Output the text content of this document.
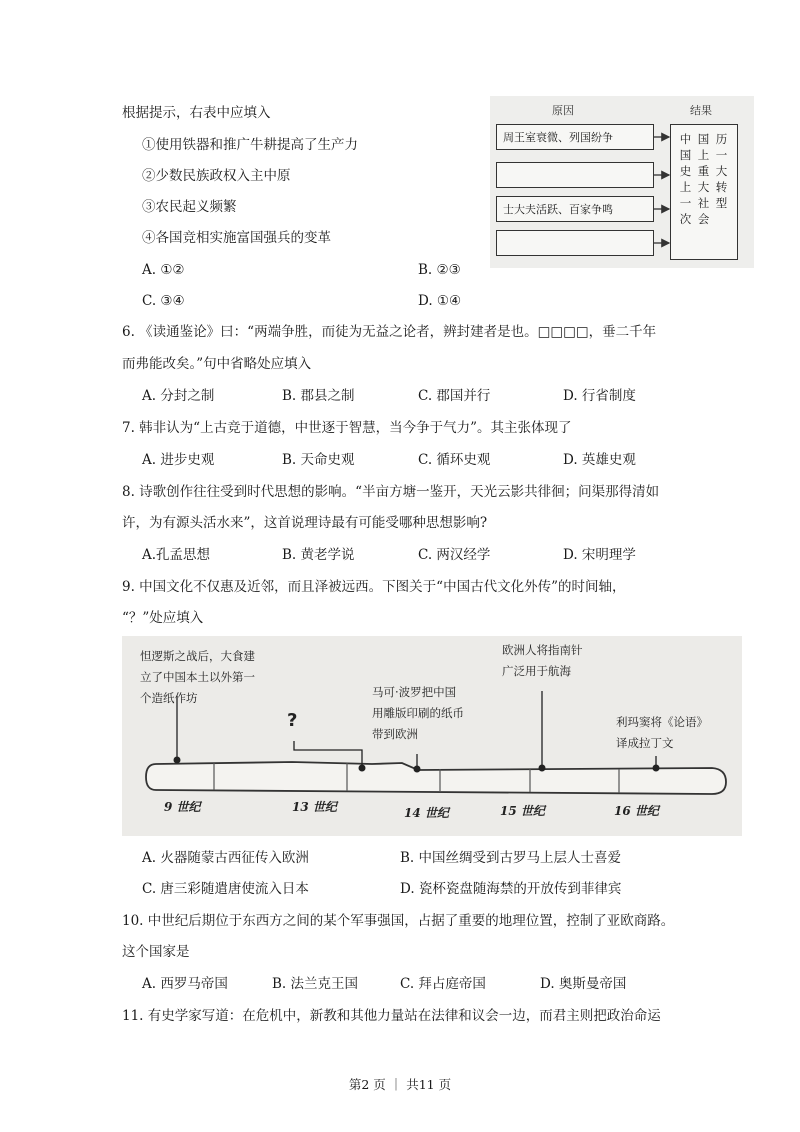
根据提示，右表中应填入
①使用铁器和推广牛耕提高了生产力
②少数民族政权入主中原
③农民起义频繁
④各国竞相实施富国强兵的变革
A. ①②	B. ②③
C. ③④	D. ①④
原因	结果
周王室衰微、列国纷争
士大夫活跃、百家争鸣
中国史上一次
国上重大社会
历一大转型
6. 《读通鉴论》曰：“两端争胜，而徒为无益之论者，辨封建者是也。□□□□，垂二千年
而弗能改矣。”句中省略处应填入
A. 分封之制	B. 郡县之制	C. 郡国并行	D. 行省制度
7. 韩非认为“上古竞于道德，中世逐于智慧，当今争于气力”。其主张体现了
A. 进步史观	B. 天命史观	C. 循环史观	D. 英雄史观
8. 诗歌创作往往受到时代思想的影响。“半亩方塘一鉴开，天光云影共徘徊；问渠那得清如
许，为有源头活水来”，这首说理诗最有可能受哪种思想影响?
A.孔孟思想	B. 黄老学说	C. 两汉经学	D. 宋明理学
9. 中国文化不仅惠及近邻，而且泽被远西。下图关于“中国古代文化外传”的时间轴，
“？”处应填入
怛逻斯之战后，大食建
立了中国本土以外第一
个造纸作坊
?
马可·波罗把中国
用雕版印刷的纸币
带到欧洲
欧洲人将指南针
广泛用于航海
利玛窦将《论语》
译成拉丁文
9 世纪	13 世纪	14 世纪	15 世纪	16 世纪
A. 火器随蒙古西征传入欧洲	B. 中国丝绸受到古罗马上层人士喜爱
C. 唐三彩随遣唐使流入日本	D. 瓷杯瓷盘随海禁的开放传到菲律宾
10. 中世纪后期位于东西方之间的某个军事强国，占据了重要的地理位置，控制了亚欧商路。
这个国家是
A. 西罗马帝国	B. 法兰克王国	C. 拜占庭帝国	D. 奥斯曼帝国
11. 有史学家写道：在危机中，新教和其他力量站在法律和议会一边，而君主则把政治命运
第2 页 ｜ 共11 页
